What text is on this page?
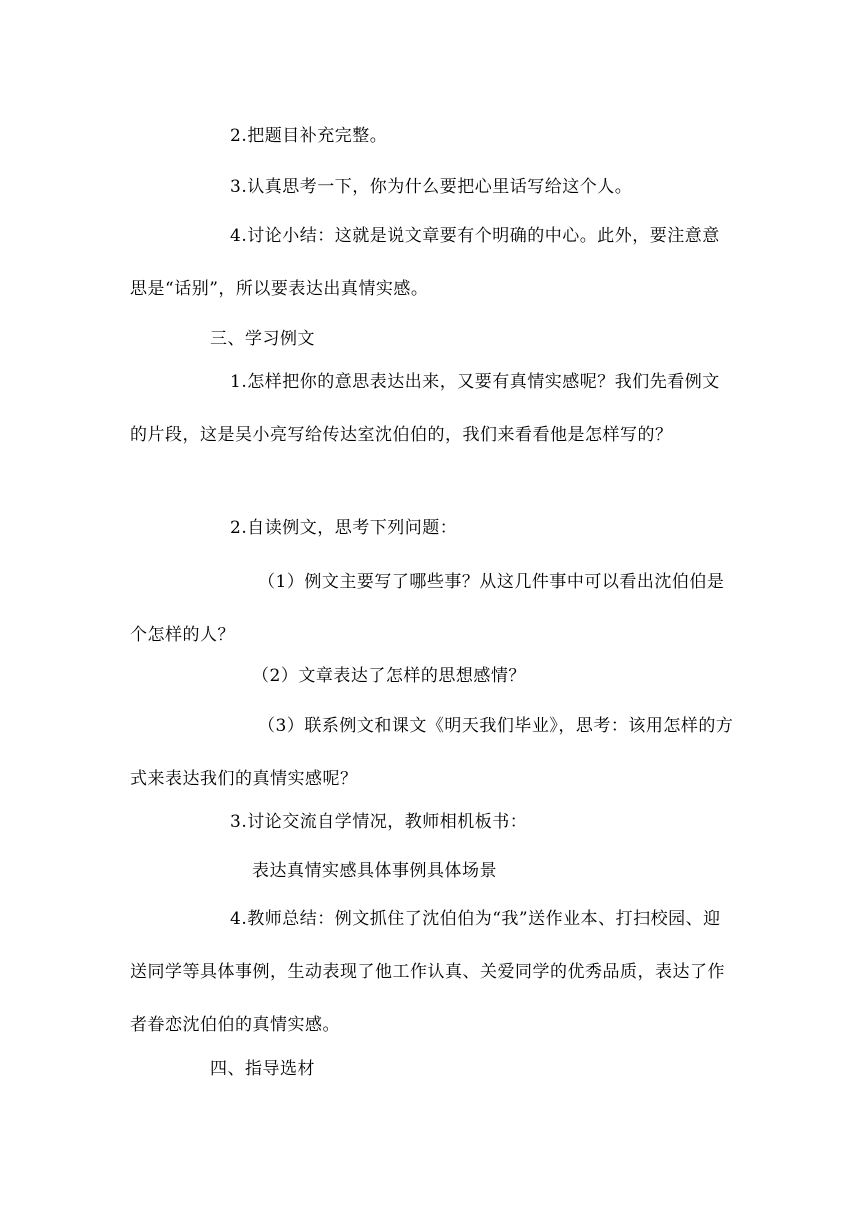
2.把题目补充完整。

3.认真思考一下，你为什么要把心里话写给这个人。

4.讨论小结：这就是说文章要有个明确的中心。此外，要注意意思是“话别”，所以要表达出真情实感。

三、学习例文

1.怎样把你的意思表达出来，又要有真情实感呢？我们先看例文的片段，这是吴小亮写给传达室沈伯伯的，我们来看看他是怎样写的？

2.自读例文，思考下列问题：

（1）例文主要写了哪些事？从这几件事中可以看出沈伯伯是个怎样的人？

（2）文章表达了怎样的思想感情？

（3）联系例文和课文《明天我们毕业》，思考：该用怎样的方式来表达我们的真情实感呢？

3.讨论交流自学情况，教师相机板书：

表达真情实感具体事例具体场景

4.教师总结：例文抓住了沈伯伯为“我”送作业本、打扫校园、迎送同学等具体事例，生动表现了他工作认真、关爱同学的优秀品质，表达了作者眷恋沈伯伯的真情实感。

四、指导选材
